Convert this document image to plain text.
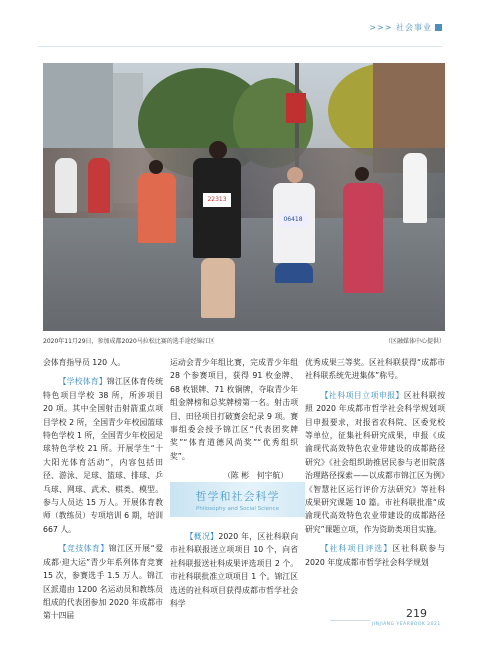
>>> 社会事业
22313
06418
2020年11月29日，参加成都2020马拉松比赛的选手途经锦江区	（区融媒体中心提供）

会体育指导员 120 人。

【学校体育】锦江区体育传统特色项目学校 38 所，所涉项目 20 项。其中全国射击射箭重点项目学校 2 所，全国青少年校园篮球特色学校 1 所，全国青少年校园足球特色学校 21 所。开展学生“十大阳光体育活动”，内容包括田径、游泳、足球、篮球、排球、乒乓球、网球、武术、棋类、模型。参与人员达 15 万人。开展体育教师（教练员）专项培训 6 期，培训 667 人。

【竞技体育】锦江区开展“爱成都·迎大运”青少年系列体育竞赛 15 次，参赛选手 1.5 万人。锦江区派遣由 1200 名运动员和教练员组成的代表团参加 2020 年成都市第十四届

运动会青少年组比赛，完成青少年组 28 个参赛项目，获得 91 枚金牌、68 枚银牌、71 枚铜牌，夺取青少年组金牌榜和总奖牌榜第一名。射击项目、田径项目打破赛会纪录 9 项。赛事组委会授予锦江区“代表团奖牌奖”“体育道德风尚奖”“优秀组织奖”。

（陈 彬　何宇航）

哲学和社会科学
Philosophy and Social Science

【概况】2020 年，区社科联向市社科联报送立项项目 10 个，向省社科联报送社科成果评选项目 2 个。市社科联批准立项项目 1 个。锦江区选送的社科项目获得成都市哲学社会科学

优秀成果三等奖。区社科联获得“成都市社科联系统先进集体”称号。

【社科项目立项申报】区社科联按照 2020 年成都市哲学社会科学规划项目申报要求，对报省农科院、区委党校等单位，征集社科研究成果，申报《成渝现代高效特色农业带建设的成都路径研究》《社会组织助推居民参与老旧院落治理路径探索——以成都市锦江区为例》《智慧社区运行评价方法研究》等社科成果研究课题 10 篇。市社科联批准“成渝现代高效特色农业带建设的成都路径研究”课题立项，作为资助类项目实施。

【社科项目评选】区社科联参与 2020 年度成都市哲学社会科学规划

219
JINJIANG YEARBOOK 2021
